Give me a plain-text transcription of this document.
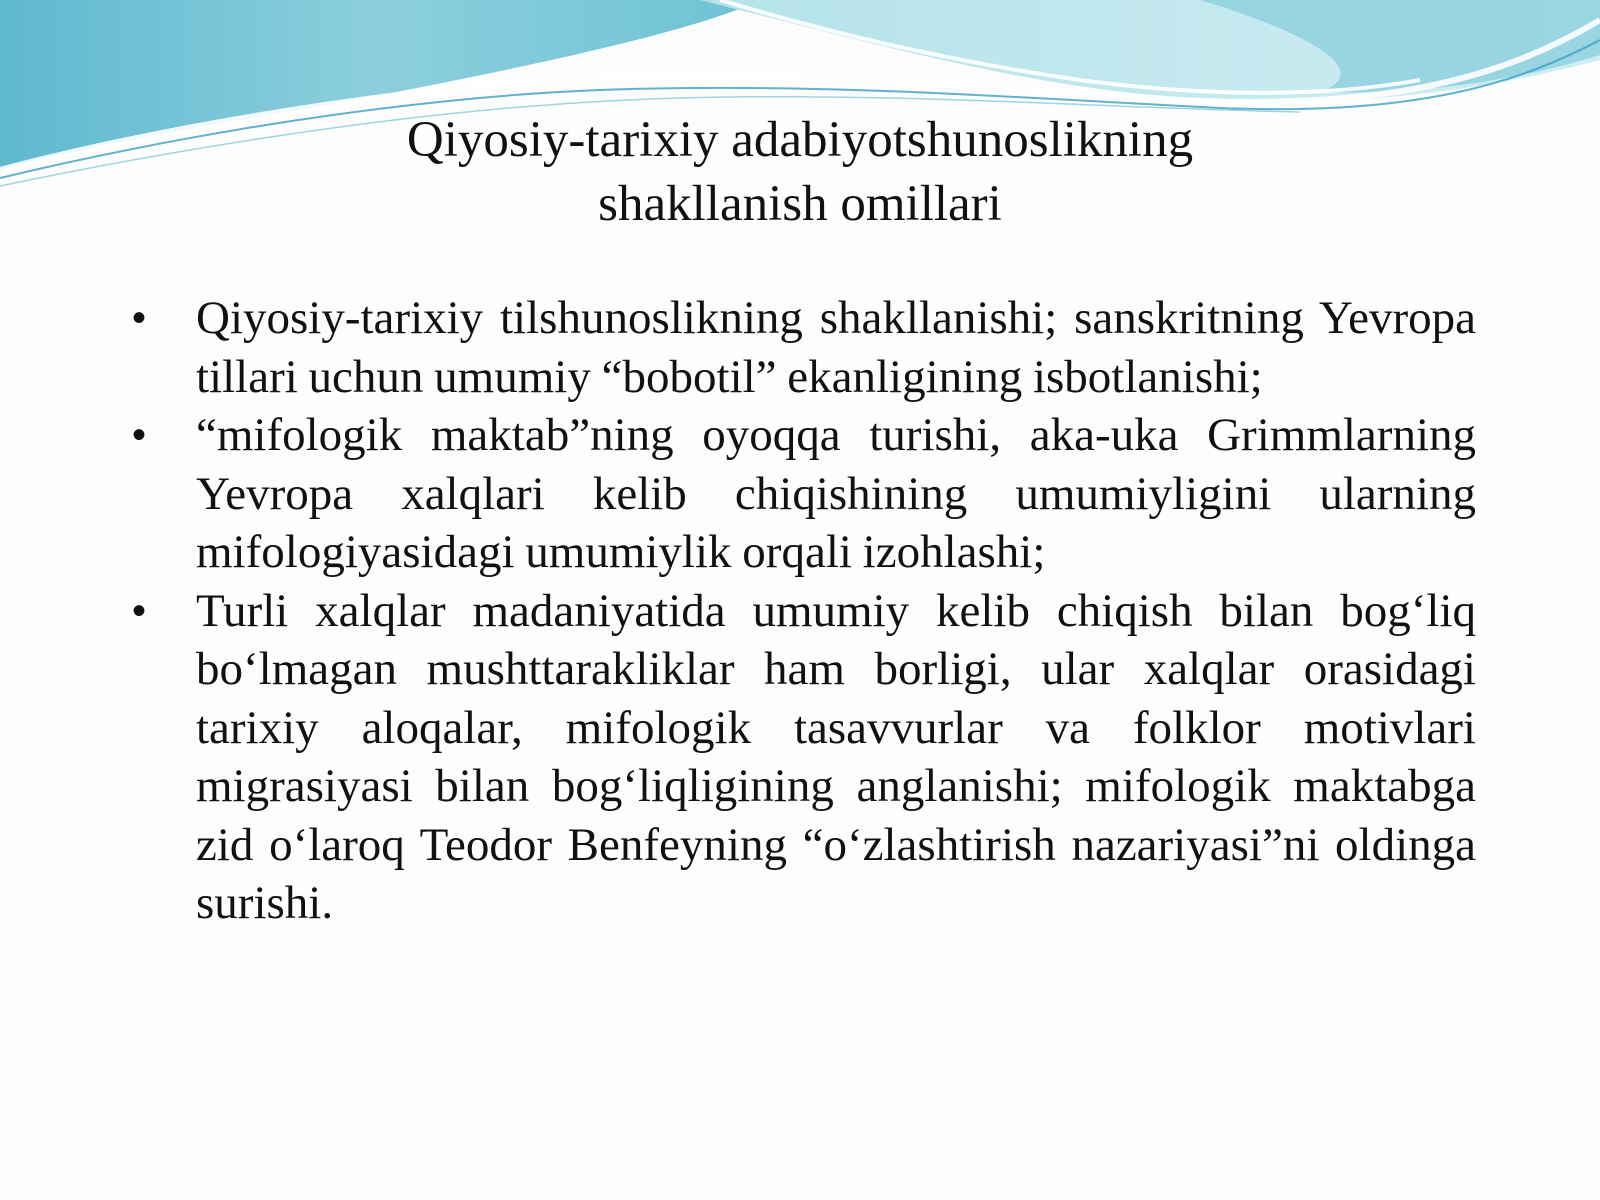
Qiyosiy-tarixiy adabiyotshunoslikning
shakllanish omillari
• Qiyosiy-tarixiy tilshunoslikning shakllanishi; sanskritning Yevropa tillari uchun umumiy “bobotil” ekanligining isbotlanishi;
• “mifologik maktab”ning oyoqqa turishi, aka-uka Grimmlarning Yevropa xalqlari kelib chiqishining umumiyligini ularning mifologiyasidagi umumiylik orqali izohlashi;
• Turli xalqlar madaniyatida umumiy kelib chiqish bilan bog‘liq bo‘lmagan mushttarakliklar ham borligi, ular xalqlar orasidagi tarixiy aloqalar, mifologik tasavvurlar va folklor motivlari migrasiyasi bilan bog‘liqligining anglanishi; mifologik maktabga zid o‘laroq Teodor Benfeyning “o‘zlashtirish nazariyasi”ni oldinga surishi.
